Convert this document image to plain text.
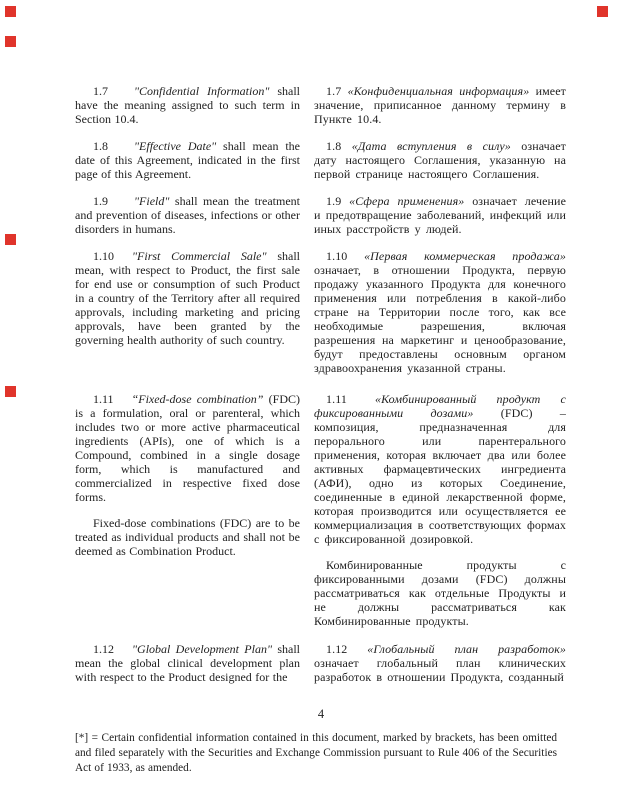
1.7 "Confidential Information" shall have the meaning assigned to such term in Section 10.4.

1.7 «Конфиденциальная информация» имеет значение, приписанное данному термину в Пункте 10.4.

1.8 "Effective Date" shall mean the date of this Agreement, indicated in the first page of this Agreement.

1.8 «Дата вступления в силу» означает дату настоящего Соглашения, указанную на первой странице настоящего Соглашения.

1.9 "Field" shall mean the treatment and prevention of diseases, infections or other disorders in humans.

1.9 «Сфера применения» означает лечение и предотвращение заболеваний, инфекций или иных расстройств у людей.

1.10 "First Commercial Sale" shall mean, with respect to Product, the first sale for end use or consumption of such Product in a country of the Territory after all required approvals, including marketing and pricing approvals, have been granted by the governing health authority of such country.

1.10 «Первая коммерческая продажа» означает, в отношении Продукта, первую продажу указанного Продукта для конечного применения или потребления в какой-либо стране на Территории после того, как все необходимые разрешения, включая разрешения на маркетинг и ценообразование, будут предоставлены основным органом здравоохранения указанной страны.

1.11 “Fixed-dose combination” (FDC) is a formulation, oral or parenteral, which includes two or more active pharmaceutical ingredients (APIs), one of which is a Compound, combined in a single dosage form, which is manufactured and commercialized in respective fixed dose forms.

Fixed-dose combinations (FDC) are to be treated as individual products and shall not be deemed as Combination Product.

1.11 «Комбинированный продукт с фиксированными дозами» (FDC) – композиция, предназначенная для перорального или парентерального применения, которая включает два или более активных фармацевтических ингредиента (АФИ), одно из которых Соединение, соединенные в единой лекарственной форме, которая производится или осуществляется ее коммерциализация в соответствующих формах с фиксированной дозировкой.

Комбинированные продукты с фиксированными дозами (FDC) должны рассматриваться как отдельные Продукты и не должны рассматриваться как Комбинированные продукты.

1.12 "Global Development Plan" shall mean the global clinical development plan with respect to the Product designed for the

1.12 «Глобальный план разработок» означает глобальный план клинических разработок в отношении Продукта, созданный

4
[*] = Certain confidential information contained in this document, marked by brackets, has been omitted and filed separately with the Securities and Exchange Commission pursuant to Rule 406 of the Securities Act of 1933, as amended.
